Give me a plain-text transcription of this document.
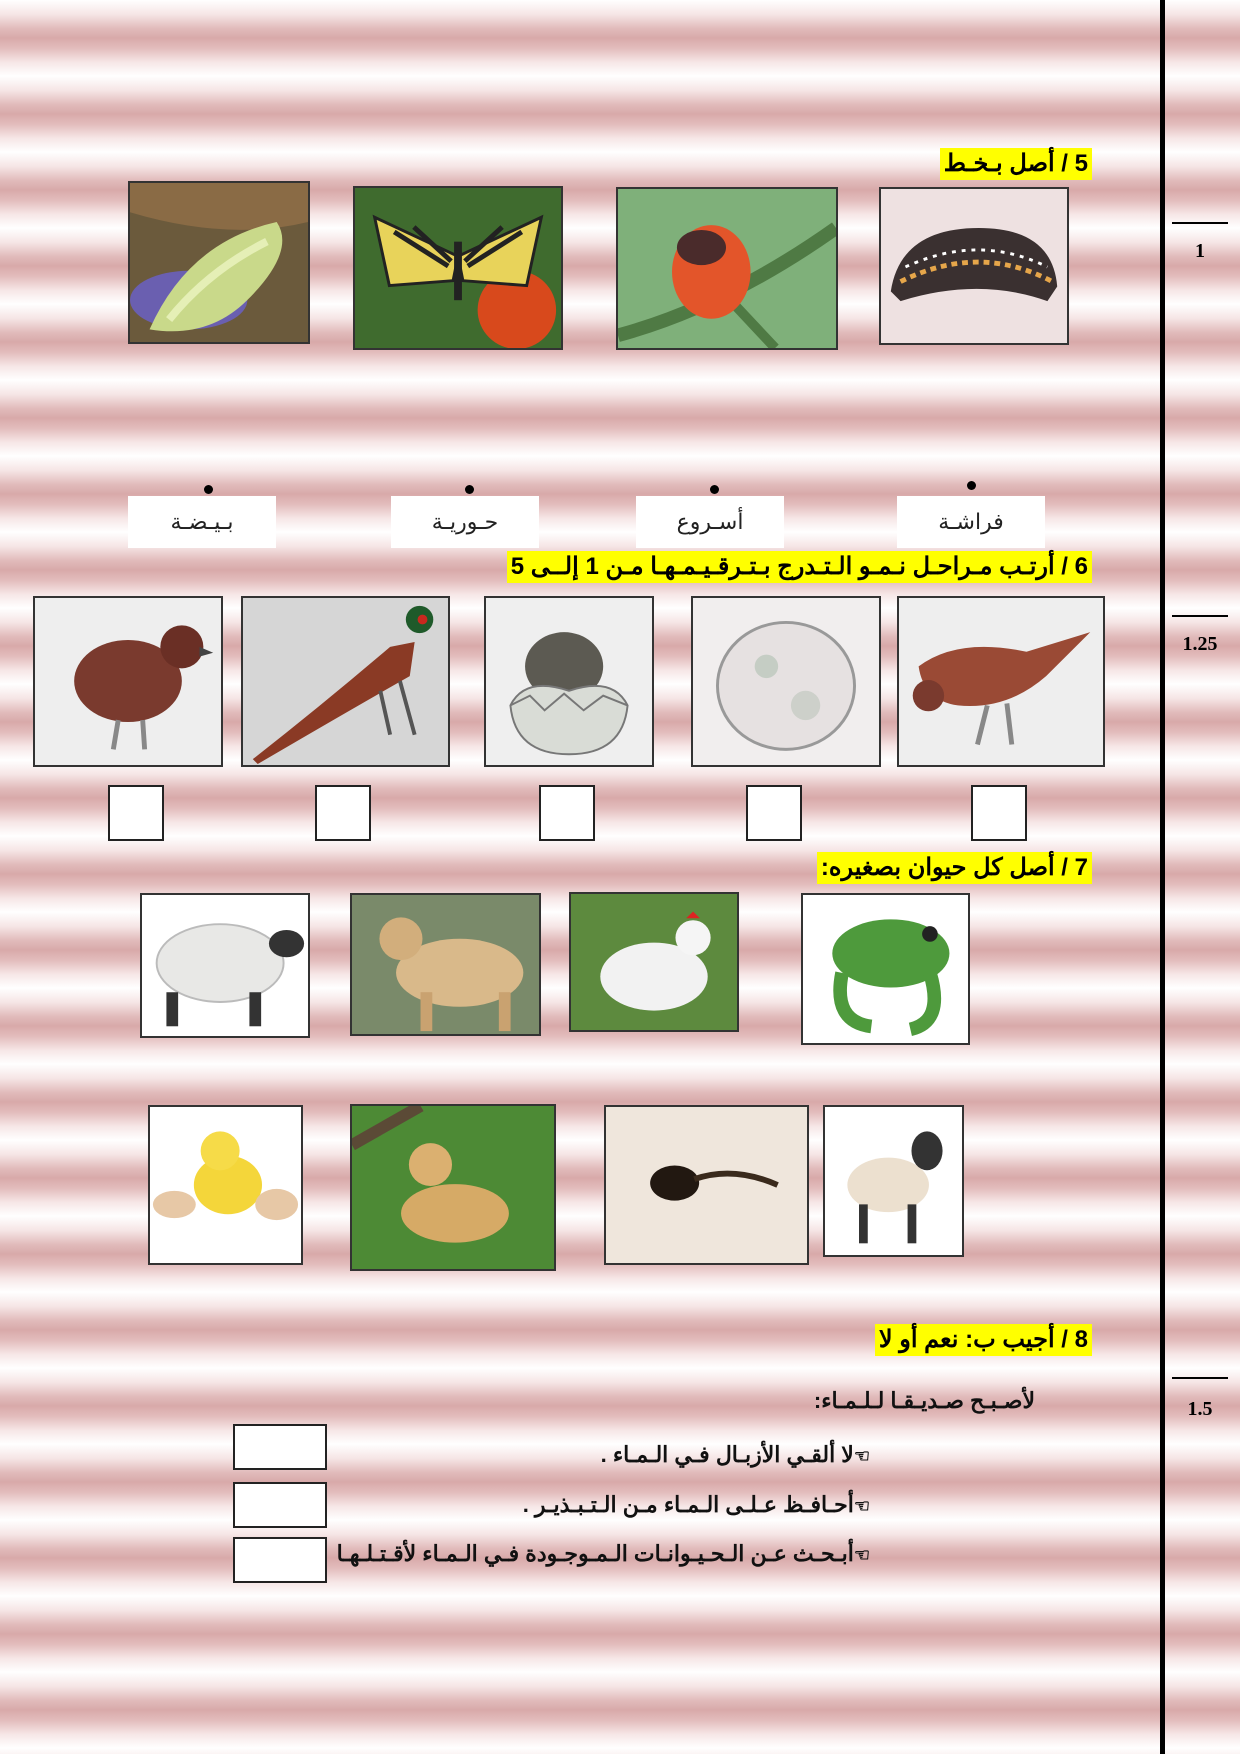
1
1.25
1.5
5 / أصل بـخـط
بـيـضـة	حـوريـة	أسـروع	فراشـة
6 / أرتـب مـراحـل نـمـو الـتـدرج بـتـرقـيـمـهـا مـن 1 إلــى 5
7 / أصل كل حيوان بصغيره:
8 / أجيب ب: نعم أو لا
لأصـبـح صـديـقـا لـلـمـاء:
☜لا ألقـي الأزبـال فـي الـمـاء .
☜أحـافـظ عـلـى الـمـاء مـن الـتـبـذيـر .
☜أبـحـث عـن الـحـيـوانـات الـمـوجـودة فـي الـمـاء لأقـتـلـهـا
